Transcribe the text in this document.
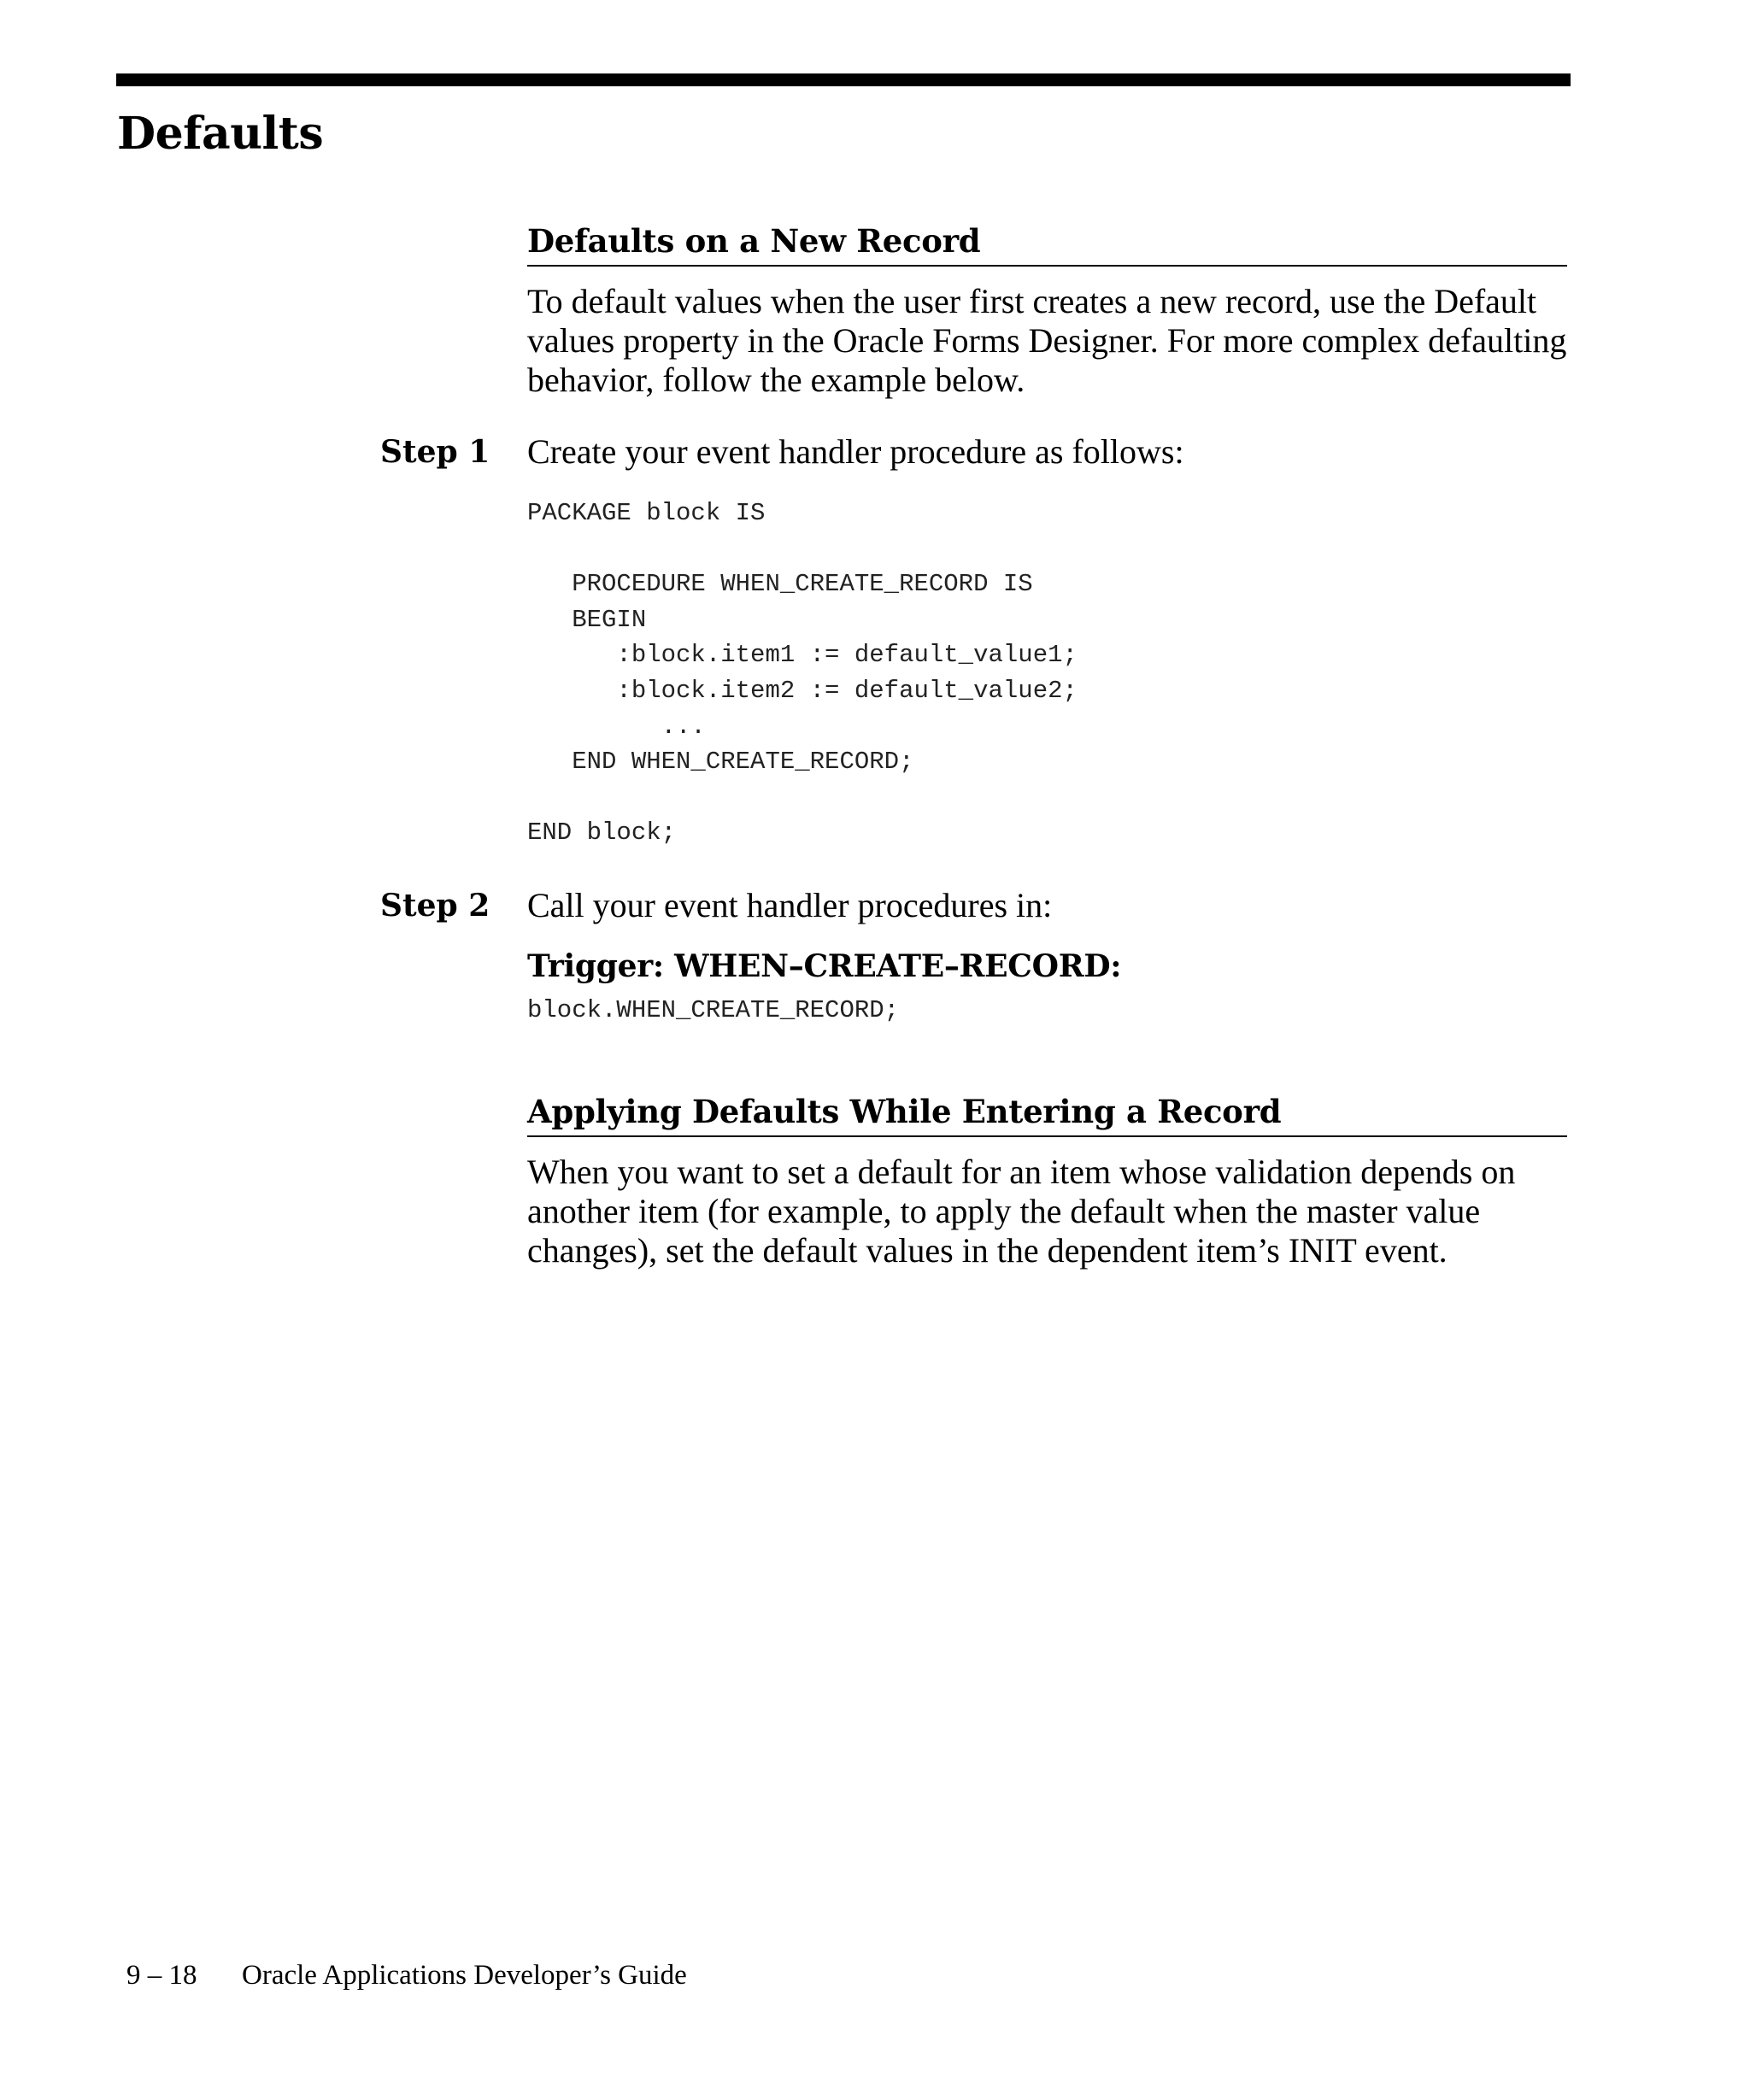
Defaults
Defaults on a New Record

To default values when the user first creates a new record, use the Default values property in the Oracle Forms Designer. For more complex defaulting behavior, follow the example below.

Step 1 Create your event handler procedure as follows:

PACKAGE block IS

PROCEDURE WHEN_CREATE_RECORD IS
BEGIN
:block.item1 := default_value1;
:block.item2 := default_value2;
...
END WHEN_CREATE_RECORD;

END block;
Step 2 Call your event handler procedures in:

Trigger: WHEN–CREATE–RECORD:
block.WHEN_CREATE_RECORD;
Applying Defaults While Entering a Record

When you want to set a default for an item whose validation depends on another item (for example, to apply the default when the master value changes), set the default values in the dependent item’s INIT event.

9 – 18 Oracle Applications Developer’s Guide
